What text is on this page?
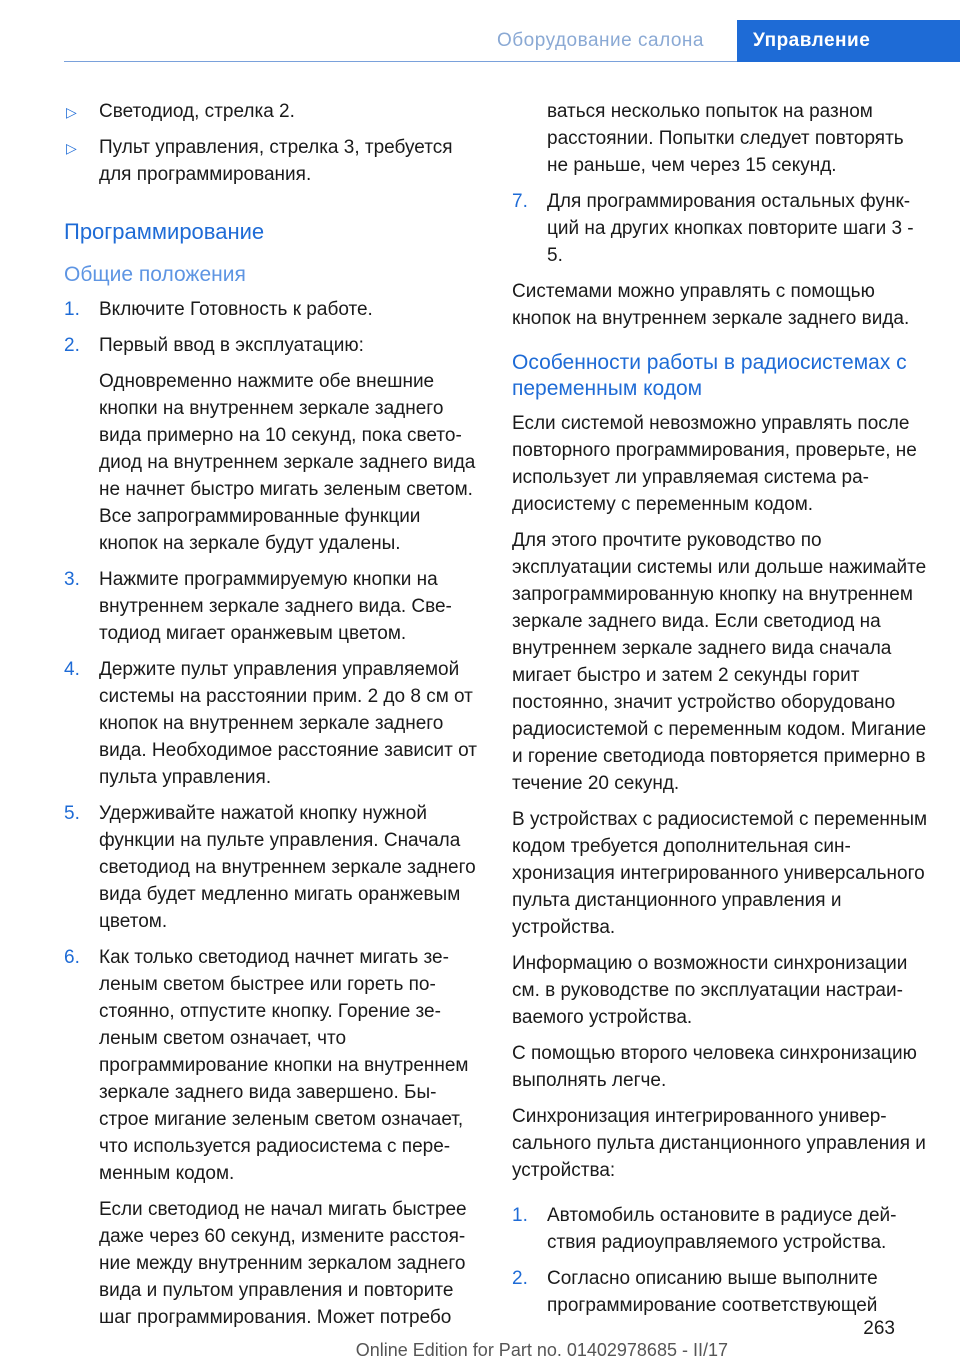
Оборудование салона	Управление
▷ Светодиод, стрелка 2.
▷ Пульт управления, стрелка 3, требуется для программирования.
Программирование
Общие положения
1. Включите Готовность к работе.
2. Первый ввод в эксплуатацию:
Одновременно нажмите обе внешние кнопки на внутреннем зеркале заднего вида примерно на 10 секунд, пока светодиод на внутреннем зеркале заднего вида не начнет быстро мигать зеленым светом. Все запрограммированные функции кнопок на зеркале будут удалены.
3. Нажмите программируемую кнопки на внутреннем зеркале заднего вида. Светодиод мигает оранжевым цветом.
4. Держите пульт управления управляемой системы на расстоянии прим. 2 до 8 см от кнопок на внутреннем зеркале заднего вида. Необходимое расстояние зависит от пульта управления.
5. Удерживайте нажатой кнопку нужной функции на пульте управления. Сначала светодиод на внутреннем зеркале заднего вида будет медленно мигать оранжевым цветом.
6. Как только светодиод начнет мигать зеленым светом быстрее или гореть постоянно, отпустите кнопку. Горение зеленым светом означает, что программирование кнопки на внутреннем зеркале заднего вида завершено. Быстрое мигание зеленым светом означает, что используется радиосистема с переменным кодом.
Если светодиод не начал мигать быстрее даже через 60 секунд, измените расстояние между внутренним зеркалом заднего вида и пультом управления и повторите шаг программирования. Может потребо
ваться несколько попыток на разном расстоянии. Попытки следует повторять не раньше, чем через 15 секунд.
7. Для программирования остальных функций на других кнопках повторите шаги 3 - 5.

Системами можно управлять с помощью кнопок на внутреннем зеркале заднего вида.

Особенности работы в радиосистемах с переменным кодом

Если системой невозможно управлять после повторного программирования, проверьте, не использует ли управляемая система радиосистему с переменным кодом.

Для этого прочтите руководство по эксплуатации системы или дольше нажимайте запрограммированную кнопку на внутреннем зеркале заднего вида. Если светодиод на внутреннем зеркале заднего вида сначала мигает быстро и затем 2 секунды горит постоянно, значит устройство оборудовано радиосистемой с переменным кодом. Мигание и горение светодиода повторяется примерно в течение 20 секунд.

В устройствах с радиосистемой с переменным кодом требуется дополнительная синхронизация интегрированного универсального пульта дистанционного управления и устройства.

Информацию о возможности синхронизации см. в руководстве по эксплуатации настраиваемого устройства.

С помощью второго человека синхронизацию выполнять легче.

Синхронизация интегрированного универсального пульта дистанционного управления и устройства:

1. Автомобиль остановите в радиусе действия радиоуправляемого устройства.
2. Согласно описанию выше выполните программирование соответствующей
263
Online Edition for Part no. 01402978685 - II/17
